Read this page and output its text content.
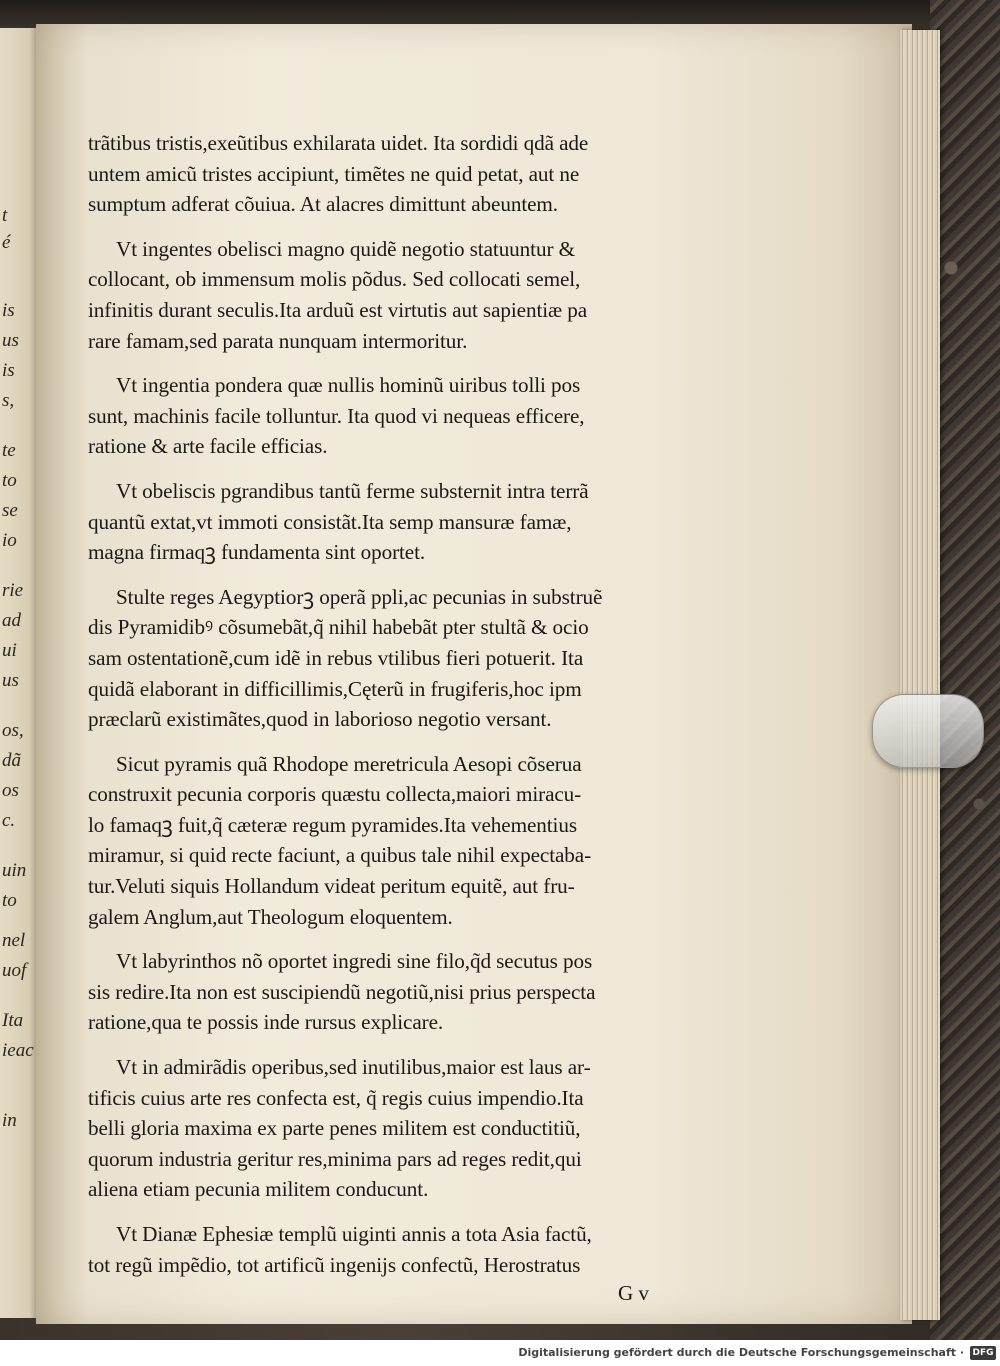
t
é
is
us
is
s,
te
to
se
io
rie
ad
ui
us
os,
dã
os
c.
uin
to
nel
uof
Ita
ieac
in
trãtibus tristis,exeũtibus exhilarata uidet. Ita sordidi qdã ade
untem amicũ tristes accipiunt, timẽtes ne quid petat, aut ne
sumptum adferat cõuiua. At alacres dimittunt abeuntem.
Vt ingentes obelisci magno quidẽ negotio statuuntur &
collocant, ob immensum molis põdus. Sed collocati semel,
infinitis durant seculis.Ita arduũ est virtutis aut sapientiæ pa
rare famam,sed parata nunquam intermoritur.
Vt ingentia pondera quæ nullis hominũ uiribus tolli pos
sunt, machinis facile tolluntur. Ita quod vi nequeas efficere,
ratione & arte facile efficias.
Vt obeliscis pgrandibus tantũ ferme substernit intra terrã
quantũ extat,vt immoti consistãt.Ita semp mansuræ famæ,
magna firmaqꝫ fundamenta sint oportet.
Stulte reges Aegyptiorꝫ operã ppli,ac pecunias in substruẽ
dis Pyramidibꝰ cõsumebãt,q̃ nihil habebãt pter stultã & ocio
sam ostentationẽ,cum idẽ in rebus vtilibus fieri potuerit. Ita
quidã elaborant in difficillimis,Cęterũ in frugiferis,hoc ipm
præclarũ existimãtes,quod in laborioso negotio versant.
Sicut pyramis quã Rhodope meretricula Aesopi cõserua
construxit pecunia corporis quæstu collecta,maiori miracu-
lo famaqꝫ fuit,q̃ cæteræ regum pyramides.Ita vehementius
miramur, si quid recte faciunt, a quibus tale nihil expectaba-
tur.Veluti siquis Hollandum videat peritum equitẽ, aut fru-
galem Anglum,aut Theologum eloquentem.
Vt labyrinthos nõ oportet ingredi sine filo,q̃d secutus pos
sis redire.Ita non est suscipiendũ negotiũ,nisi prius perspecta
ratione,qua te possis inde rursus explicare.
Vt in admirãdis operibus,sed inutilibus,maior est laus ar-
tificis cuius arte res confecta est, q̃ regis cuius impendio.Ita
belli gloria maxima ex parte penes militem est conductitiũ,
quorum industria geritur res,minima pars ad reges redit,qui
aliena etiam pecunia militem conducunt.
Vt Dianæ Ephesiæ templũ uiginti annis a tota Asia factũ,
tot regũ impẽdio, tot artificũ ingenijs confectũ, Herostratus
G v
Digitalisierung gefördert durch die Deutsche Forschungsgemeinschaft · DFG
